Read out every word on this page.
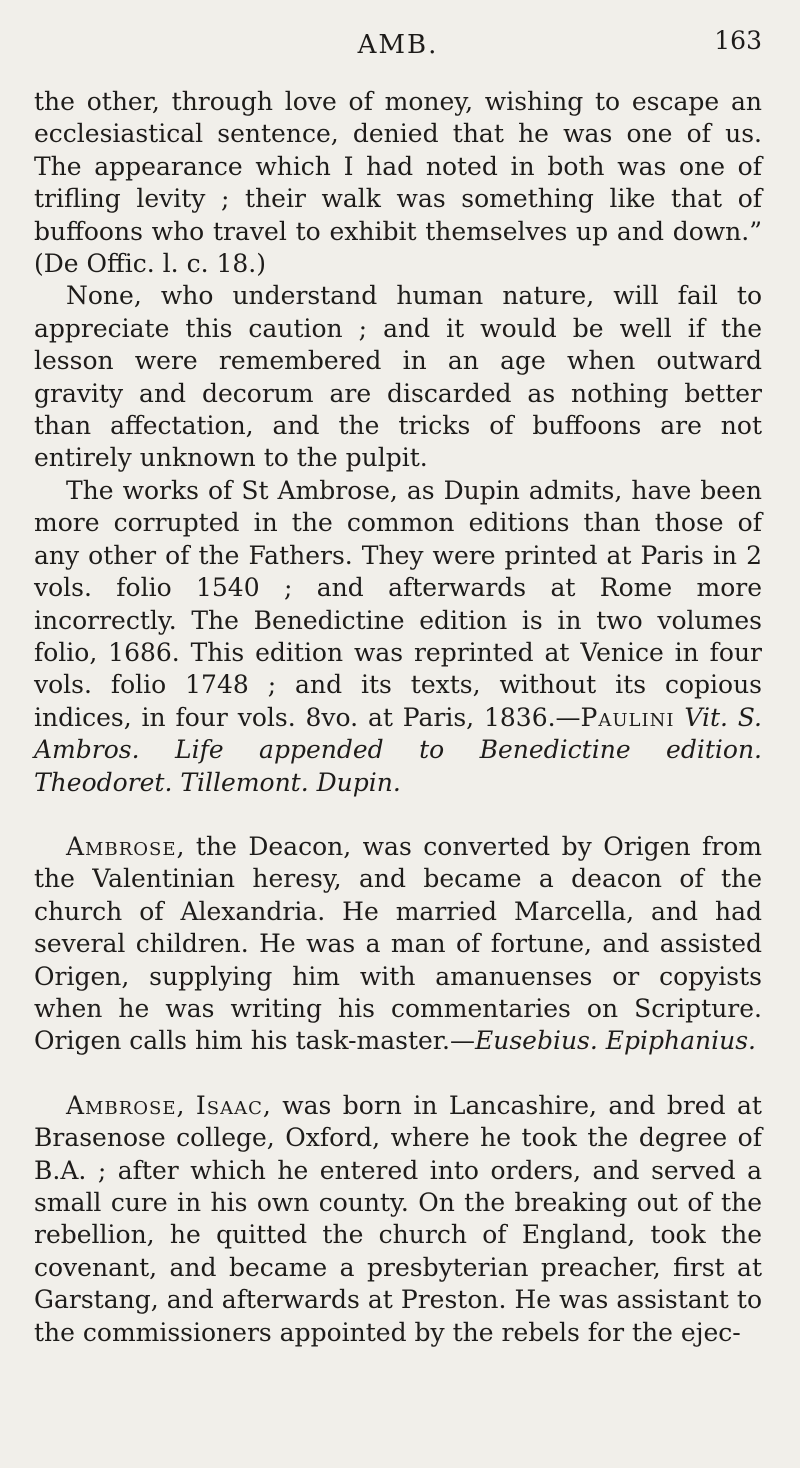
AMB.	163

the other, through love of money, wishing to escape an ecclesiastical sentence, denied that he was one of us. The appearance which I had noted in both was one of trifling levity ; their walk was something like that of buffoons who travel to exhibit themselves up and down.” (De Offic. l. c. 18.)

None, who understand human nature, will fail to appreciate this caution ; and it would be well if the lesson were remembered in an age when outward gravity and decorum are discarded as nothing better than affectation, and the tricks of buffoons are not entirely unknown to the pulpit.

The works of St Ambrose, as Dupin admits, have been more corrupted in the common editions than those of any other of the Fathers. They were printed at Paris in 2 vols. folio 1540 ; and afterwards at Rome more incorrectly. The Benedictine edition is in two volumes folio, 1686. This edition was reprinted at Venice in four vols. folio 1748 ; and its texts, without its copious indices, in four vols. 8vo. at Paris, 1836.—Paulini Vit. S. Ambros. Life appended to Benedictine edition. Theodoret. Tillemont. Dupin.

Ambrose, the Deacon, was converted by Origen from the Valentinian heresy, and became a deacon of the church of Alexandria. He married Marcella, and had several children. He was a man of fortune, and assisted Origen, supplying him with amanuenses or copyists when he was writing his commentaries on Scripture. Origen calls him his task-master.—Eusebius. Epiphanius.

Ambrose, Isaac, was born in Lancashire, and bred at Brasenose college, Oxford, where he took the degree of B.A. ; after which he entered into orders, and served a small cure in his own county. On the breaking out of the rebellion, he quitted the church of England, took the covenant, and became a presbyterian preacher, first at Garstang, and afterwards at Preston. He was assistant to the commissioners appointed by the rebels for the ejec-
